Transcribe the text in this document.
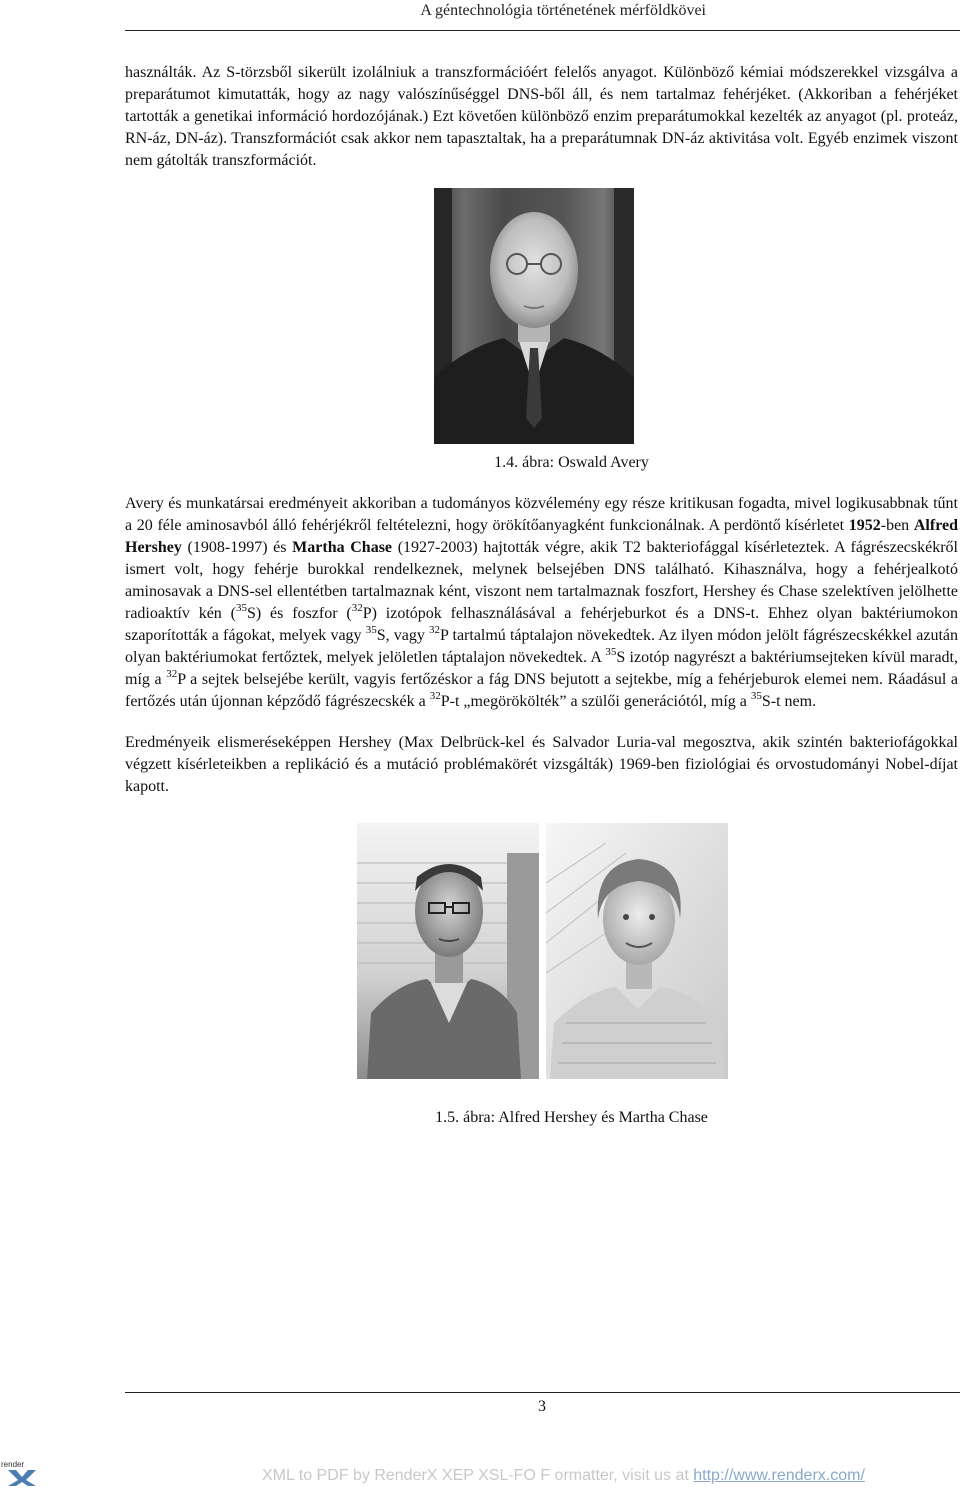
A géntechnológia történetének mérföldkövei

használták. Az S-törzsből sikerült izolálniuk a transzformációért felelős anyagot. Különböző kémiai módszerekkel vizsgálva a preparátumot kimutatták, hogy az nagy valószínűséggel DNS-ből áll, és nem tartalmaz fehérjéket. (Akkoriban a fehérjéket tartották a genetikai információ hordozójának.) Ezt követően különböző enzim preparátumokkal kezelték az anyagot (pl. proteáz, RN-áz, DN-áz). Transzformációt csak akkor nem tapasztaltak, ha a preparátumnak DN-áz aktivitása volt. Egyéb enzimek viszont nem gátolták transzformációt.

1.4. ábra: Oswald Avery

Avery és munkatársai eredményeit akkoriban a tudományos közvélemény egy része kritikusan fogadta, mivel logikusabbnak tűnt a 20 féle aminosavból álló fehérjékről feltételezni, hogy örökítőanyagként funkcionálnak. A perdöntő kísérletet 1952-ben Alfred Hershey (1908-1997) és Martha Chase (1927-2003) hajtották végre, akik T2 bakteriofággal kísérleteztek. A fágrészecskékről ismert volt, hogy fehérje burokkal rendelkeznek, melynek belsejében DNS található. Kihasználva, hogy a fehérjealkotó aminosavak a DNS-sel ellentétben tartalmaznak ként, viszont nem tartalmaznak foszfort, Hershey és Chase szelektíven jelölhette radioaktív kén ($^{35}$S) és foszfor ($^{32}$P) izotópok felhasználásával a fehérjeburkot és a DNS-t. Ehhez olyan baktériumokon szaporították a fágokat, melyek vagy $^{35}$S, vagy $^{32}$P tartalmú táptalajon növekedtek. Az ilyen módon jelölt fágrészecskékkel azután olyan baktériumokat fertőztek, melyek jelöletlen táptalajon növekedtek. A $^{35}$S izotóp nagyrészt a baktériumsejteken kívül maradt, míg a $^{32}$P a sejtek belsejébe került, vagyis fertőzéskor a fág DNS bejutott a sejtekbe, míg a fehérjeburok elemei nem. Ráadásul a fertőzés után újonnan képződő fágrészecskék a $^{32}$P-t „megörökölték” a szülői generációtól, míg a $^{35}$S-t nem.

Eredményeik elismeréseképpen Hershey (Max Delbrück-kel és Salvador Luria-val megosztva, akik szintén bakteriofágokkal végzett kísérleteikben a replikáció és a mutáció problémakörét vizsgálták) 1969-ben fiziológiai és orvostudományi Nobel-díjat kapott.

1.5. ábra: Alfred Hershey és Martha Chase
3
render
XML to PDF by RenderX XEP XSL-FO F ormatter, visit us at http://www.renderx.com/
